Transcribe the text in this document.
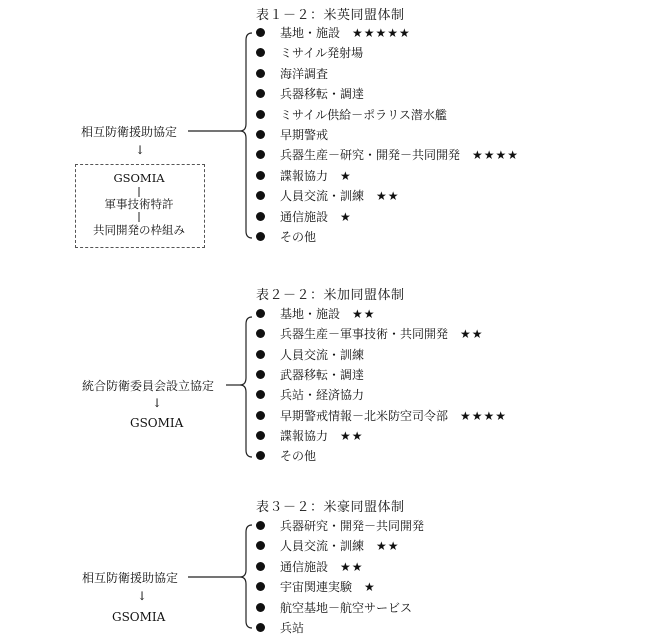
表１－２：米英同盟体制
基地・施設 ★★★★★
ミサイル発射場
海洋調査
兵器移転・調達
ミサイル供給－ポラリス潜水艦
早期警戒
兵器生産－研究・開発－共同開発 ★★★★
諜報協力 ★
人員交流・訓練 ★★
通信施設 ★
その他
相互防衛援助協定
↓
GSOMIA
軍事技術特許
共同開発の枠組み
表２－２：米加同盟体制
基地・施設 ★★
兵器生産－軍事技術・共同開発 ★★
人員交流・訓練
武器移転・調達
兵站・経済協力
早期警戒情報－北米防空司令部 ★★★★
諜報協力 ★★
その他
統合防衛委員会設立協定
↓
GSOMIA
表３－２：米豪同盟体制
兵器研究・開発－共同開発
人員交流・訓練 ★★
通信施設 ★★
宇宙関連実験 ★
航空基地－航空サービス
兵站
相互防衛援助協定
↓
GSOMIA
